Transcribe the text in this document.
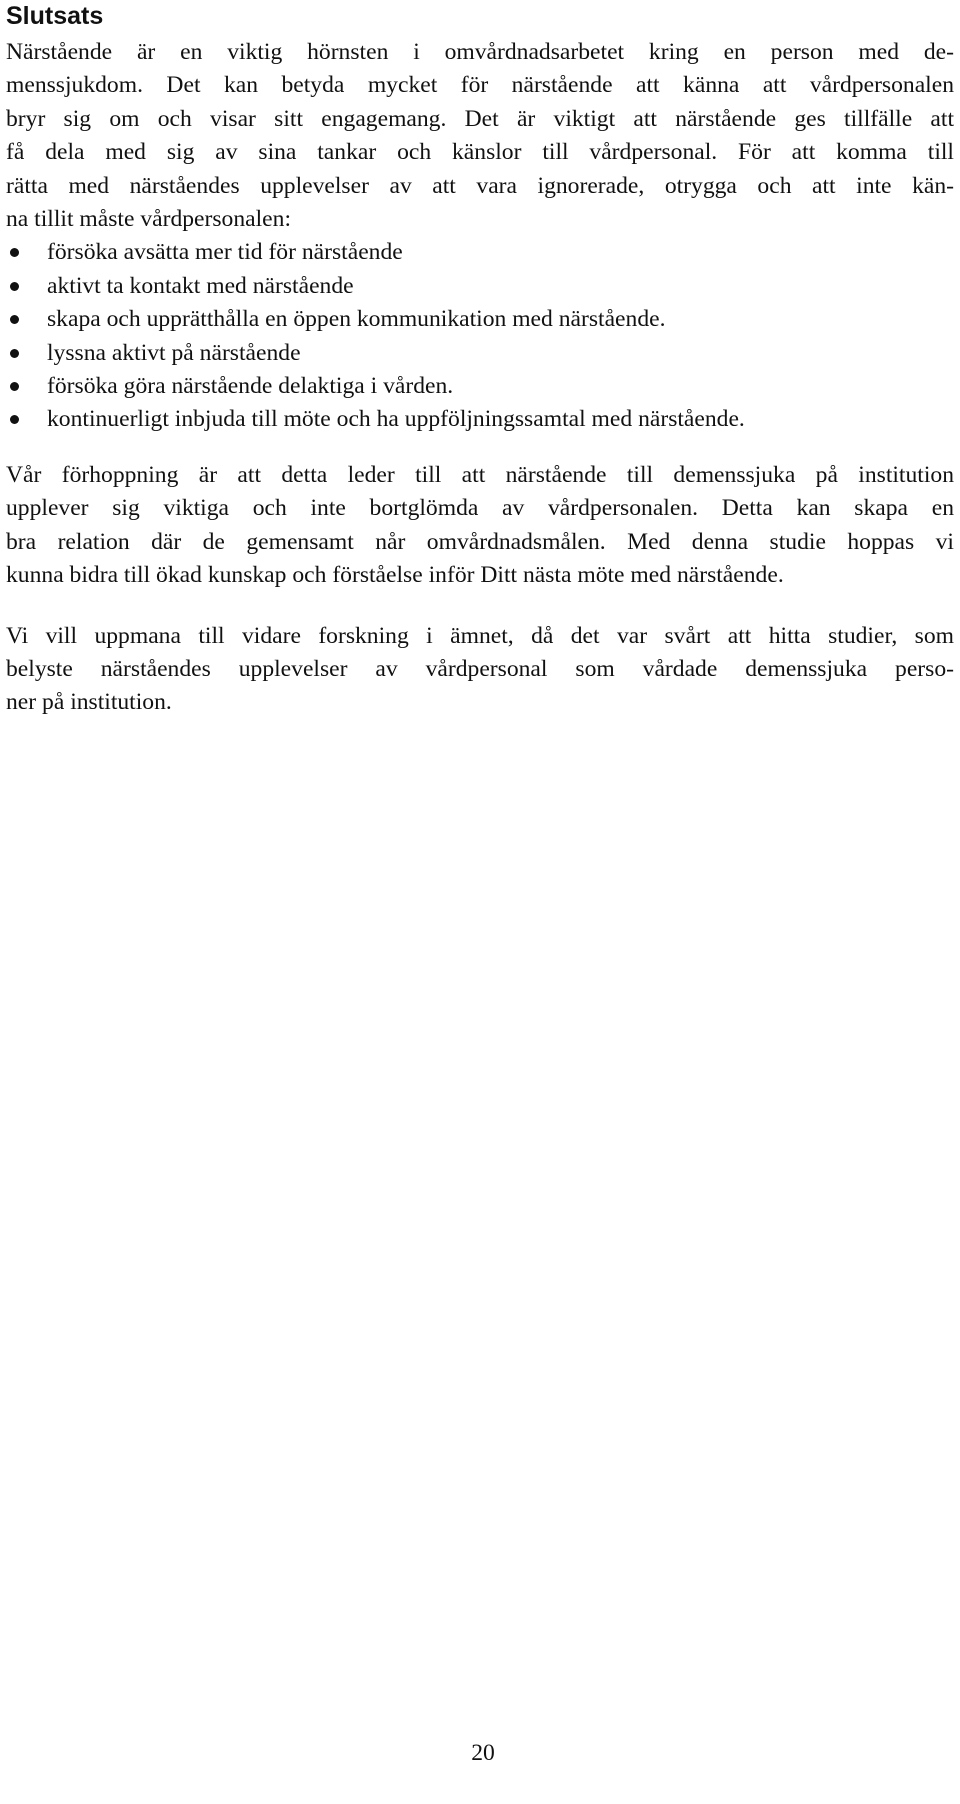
Slutsats
Närstående är en viktig hörnsten i omvårdnadsarbetet kring en person med de-
menssjukdom. Det kan betyda mycket för närstående att känna att vårdpersonalen
bryr sig om och visar sitt engagemang. Det är viktigt att närstående ges tillfälle att
få dela med sig av sina tankar och känslor till vårdpersonal. För att komma till
rätta med närståendes upplevelser av att vara ignorerade, otrygga och att inte kän-
na tillit måste vårdpersonalen:
försöka avsätta mer tid för närstående
aktivt ta kontakt med närstående
skapa och upprätthålla en öppen kommunikation med närstående.
lyssna aktivt på närstående
försöka göra närstående delaktiga i vården.
kontinuerligt inbjuda till möte och ha uppföljningssamtal med närstående.
Vår förhoppning är att detta leder till att närstående till demenssjuka på institution
upplever sig viktiga och inte bortglömda av vårdpersonalen. Detta kan skapa en
bra relation där de gemensamt når omvårdnadsmålen. Med denna studie hoppas vi
kunna bidra till ökad kunskap och förståelse inför Ditt nästa möte med närstående.
Vi vill uppmana till vidare forskning i ämnet, då det var svårt att hitta studier, som
belyste närståendes upplevelser av vårdpersonal som vårdade demenssjuka perso-
ner på institution.
20
